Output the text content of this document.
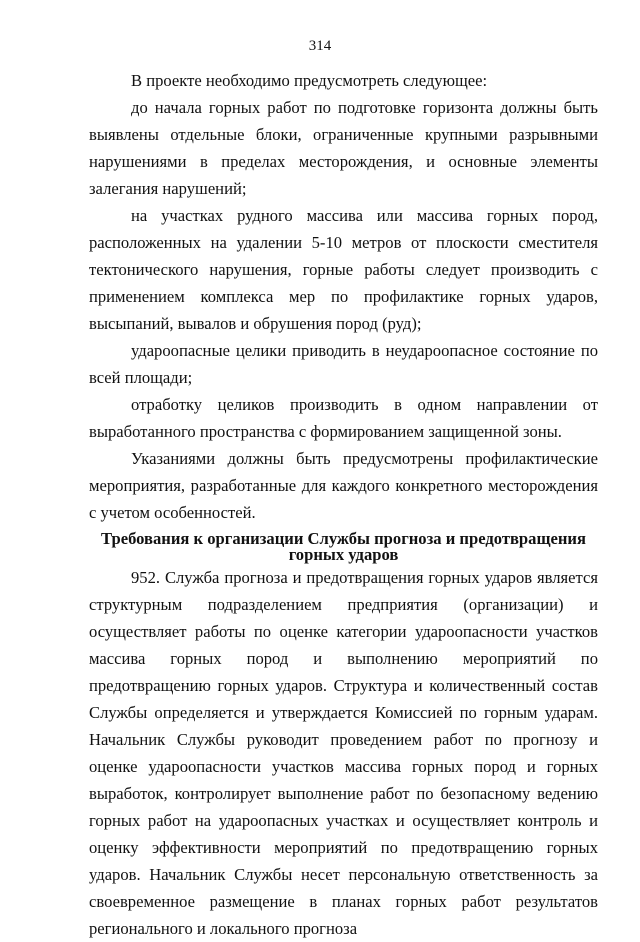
314

В проекте необходимо предусмотреть следующее:

до начала горных работ по подготовке горизонта должны быть выявлены отдельные блоки, ограниченные крупными разрывными нарушениями в пределах месторождения, и основные элементы залегания нарушений;

на участках рудного массива или массива горных пород, расположенных на удалении 5-10 метров от плоскости сместителя тектонического нарушения, горные работы следует производить с применением комплекса мер по профилактике горных ударов, высыпаний, вывалов и обрушения пород (руд);

удароопасные целики приводить в неудароопасное состояние по всей площади;

отработку целиков производить в одном направлении от выработанного пространства с формированием защищенной зоны.

Указаниями должны быть предусмотрены профилактические мероприятия, разработанные для каждого конкретного месторождения с учетом особенностей.

Требования к организации Службы прогноза и предотвращения горных ударов

952. Служба прогноза и предотвращения горных ударов является структурным подразделением предприятия (организации) и осуществляет работы по оценке категории удароопасности участков массива горных пород и выполнению мероприятий по предотвращению горных ударов. Структура и количественный состав Службы определяется и утверждается Комиссией по горным ударам. Начальник Службы руководит проведением работ по прогнозу и оценке удароопасности участков массива горных пород и горных выработок, контролирует выполнение работ по безопасному ведению горных работ на удароопасных участках и осуществляет контроль и оценку эффективности мероприятий по предотвращению горных ударов. Начальник Службы несет персональную ответственность за своевременное размещение в планах горных работ результатов регионального и локального прогноза
